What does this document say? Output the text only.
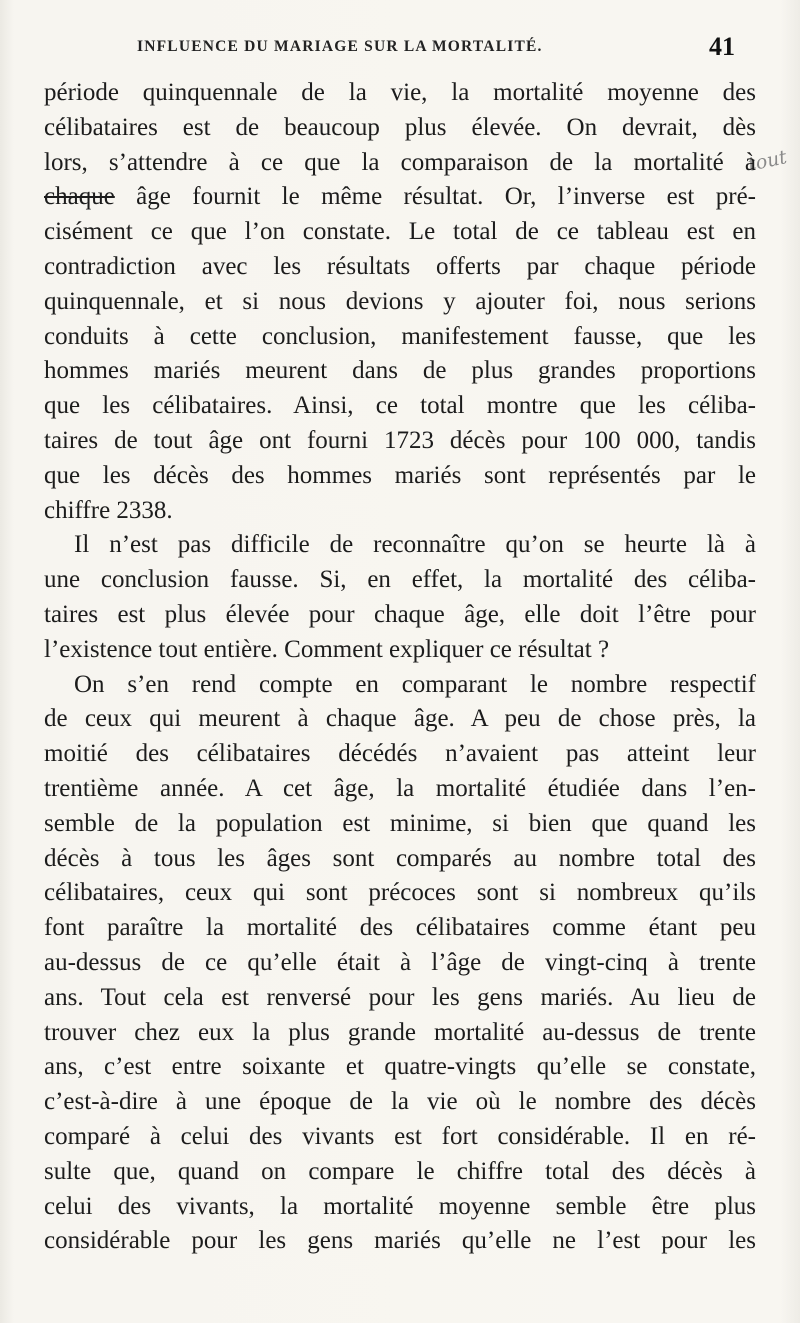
INFLUENCE DU MARIAGE SUR LA MORTALITÉ.	41
tout
période quinquennale de la vie, la mortalité moyenne des
célibataires est de beaucoup plus élevée. On devrait, dès
lors, s’attendre à ce que la comparaison de la mortalité à
chaque âge fournit le même résultat. Or, l’inverse est pré-
cisément ce que l’on constate. Le total de ce tableau est en
contradiction avec les résultats offerts par chaque période
quinquennale, et si nous devions y ajouter foi, nous serions
conduits à cette conclusion, manifestement fausse, que les
hommes mariés meurent dans de plus grandes proportions
que les célibataires. Ainsi, ce total montre que les céliba-
taires de tout âge ont fourni 1723 décès pour 100 000, tandis
que les décès des hommes mariés sont représentés par le
chiffre 2338.
Il n’est pas difficile de reconnaître qu’on se heurte là à
une conclusion fausse. Si, en effet, la mortalité des céliba-
taires est plus élevée pour chaque âge, elle doit l’être pour
l’existence tout entière. Comment expliquer ce résultat ?
On s’en rend compte en comparant le nombre respectif
de ceux qui meurent à chaque âge. A peu de chose près, la
moitié des célibataires décédés n’avaient pas atteint leur
trentième année. A cet âge, la mortalité étudiée dans l’en-
semble de la population est minime, si bien que quand les
décès à tous les âges sont comparés au nombre total des
célibataires, ceux qui sont précoces sont si nombreux qu’ils
font paraître la mortalité des célibataires comme étant peu
au-dessus de ce qu’elle était à l’âge de vingt-cinq à trente
ans. Tout cela est renversé pour les gens mariés. Au lieu de
trouver chez eux la plus grande mortalité au-dessus de trente
ans, c’est entre soixante et quatre-vingts qu’elle se constate,
c’est-à-dire à une époque de la vie où le nombre des décès
comparé à celui des vivants est fort considérable. Il en ré-
sulte que, quand on compare le chiffre total des décès à
celui des vivants, la mortalité moyenne semble être plus
considérable pour les gens mariés qu’elle ne l’est pour les
